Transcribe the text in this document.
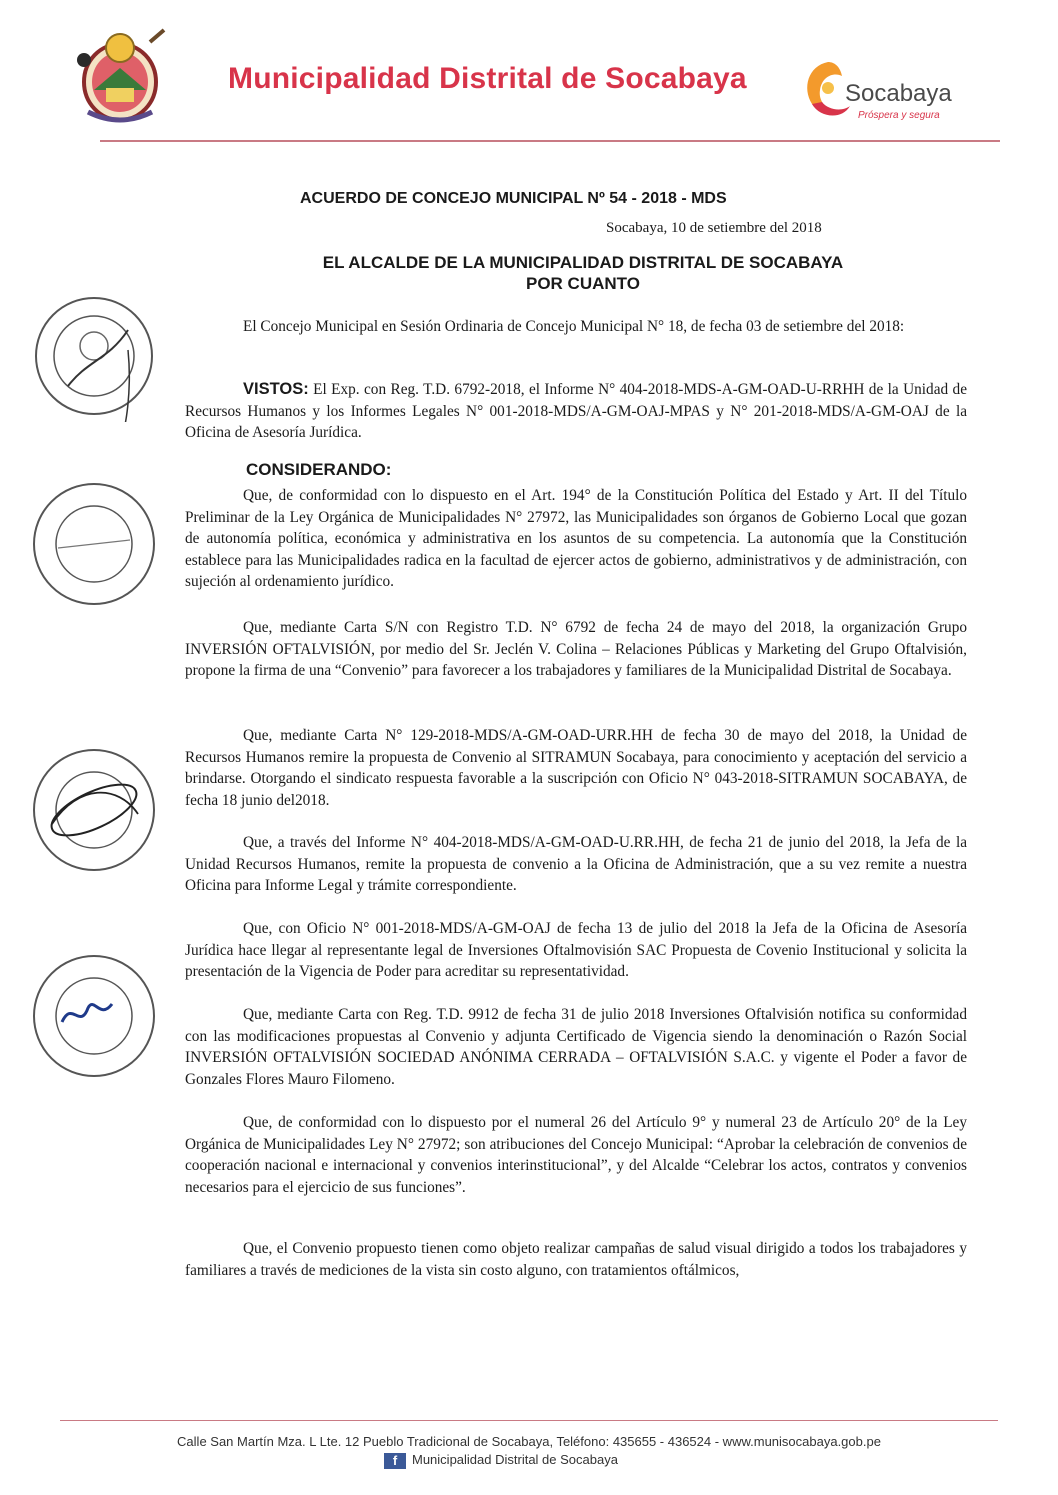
Municipalidad Distrital de Socabaya	Socabaya
Próspera y segura
ACUERDO DE CONCEJO MUNICIPAL Nº 54 - 2018 - MDS
Socabaya, 10 de setiembre del 2018
EL ALCALDE DE LA MUNICIPALIDAD DISTRITAL DE SOCABAYA
POR CUANTO

El Concejo Municipal en Sesión Ordinaria de Concejo Municipal N° 18, de fecha 03 de setiembre del 2018:

VISTOS: El Exp. con Reg. T.D. 6792-2018, el Informe N° 404-2018-MDS-A-GM-OAD-U-RRHH de la Unidad de Recursos Humanos y los Informes Legales N° 001-2018-MDS/A-GM-OAJ-MPAS y N° 201-2018-MDS/A-GM-OAJ de la Oficina de Asesoría Jurídica.

CONSIDERANDO:

Que, de conformidad con lo dispuesto en el Art. 194° de la Constitución Política del Estado y Art. II del Título Preliminar de la Ley Orgánica de Municipalidades N° 27972, las Municipalidades son órganos de Gobierno Local que gozan de autonomía política, económica y administrativa en los asuntos de su competencia. La autonomía que la Constitución establece para las Municipalidades radica en la facultad de ejercer actos de gobierno, administrativos y de administración, con sujeción al ordenamiento jurídico.

Que, mediante Carta S/N con Registro T.D. N° 6792 de fecha 24 de mayo del 2018, la organización Grupo INVERSIÓN OFTALVISIÓN, por medio del Sr. Jeclén V. Colina – Relaciones Públicas y Marketing del Grupo Oftalvisión, propone la firma de una “Convenio” para favorecer a los trabajadores y familiares de la Municipalidad Distrital de Socabaya.

Que, mediante Carta N° 129-2018-MDS/A-GM-OAD-URR.HH de fecha 30 de mayo del 2018, la Unidad de Recursos Humanos remire la propuesta de Convenio al SITRAMUN Socabaya, para conocimiento y aceptación del servicio a brindarse. Otorgando el sindicato respuesta favorable a la suscripción con Oficio N° 043-2018-SITRAMUN SOCABAYA, de fecha 18 junio del2018.

Que, a través del Informe N° 404-2018-MDS/A-GM-OAD-U.RR.HH, de fecha 21 de junio del 2018, la Jefa de la Unidad Recursos Humanos, remite la propuesta de convenio a la Oficina de Administración, que a su vez remite a nuestra Oficina para Informe Legal y trámite correspondiente.

Que, con Oficio N° 001-2018-MDS/A-GM-OAJ de fecha 13 de julio del 2018 la Jefa de la Oficina de Asesoría Jurídica hace llegar al representante legal de Inversiones Oftalmovisión SAC Propuesta de Covenio Institucional y solicita la presentación de la Vigencia de Poder para acreditar su representatividad.

Que, mediante Carta con Reg. T.D. 9912 de fecha 31 de julio 2018 Inversiones Oftalvisión notifica su conformidad con las modificaciones propuestas al Convenio y adjunta Certificado de Vigencia siendo la denominación o Razón Social INVERSIÓN OFTALVISIÓN SOCIEDAD ANÓNIMA CERRADA – OFTALVISIÓN S.A.C. y vigente el Poder a favor de Gonzales Flores Mauro Filomeno.

Que, de conformidad con lo dispuesto por el numeral 26 del Artículo 9° y numeral 23 de Artículo 20° de la Ley Orgánica de Municipalidades Ley N° 27972; son atribuciones del Concejo Municipal: “Aprobar la celebración de convenios de cooperación nacional e internacional y convenios interinstitucional”, y del Alcalde “Celebrar los actos, contratos y convenios necesarios para el ejercicio de sus funciones”.

Que, el Convenio propuesto tienen como objeto realizar campañas de salud visual dirigido a todos los trabajadores y familiares a través de mediciones de la vista sin costo alguno, con tratamientos oftálmicos,

Calle San Martín Mza. L Lte. 12 Pueblo Tradicional de Socabaya, Teléfono: 435655 - 436524 - www.munisocabaya.gob.pe
f Municipalidad Distrital de Socabaya
